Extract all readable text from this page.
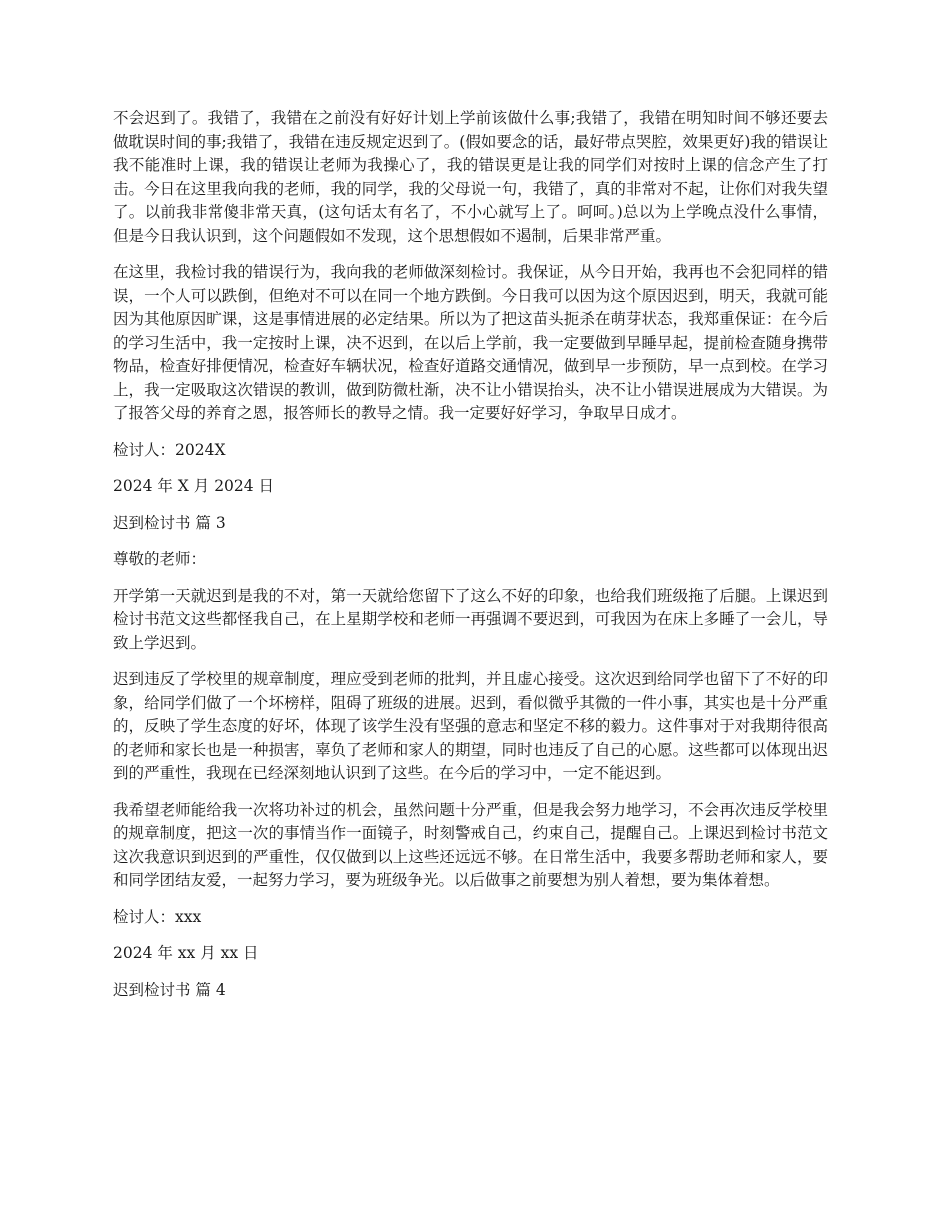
不会迟到了。我错了，我错在之前没有好好计划上学前该做什么事;我错了，我错在明知时间不够还要去做耽误时间的事;我错了，我错在违反规定迟到了。(假如要念的话，最好带点哭腔，效果更好)我的错误让我不能准时上课，我的错误让老师为我操心了，我的错误更是让我的同学们对按时上课的信念产生了打击。今日在这里我向我的老师，我的同学，我的父母说一句，我错了，真的非常对不起，让你们对我失望了。以前我非常傻非常天真，(这句话太有名了，不小心就写上了。呵呵。)总以为上学晚点没什么事情，但是今日我认识到，这个问题假如不发现，这个思想假如不遏制，后果非常严重。

在这里，我检讨我的错误行为，我向我的老师做深刻检讨。我保证，从今日开始，我再也不会犯同样的错误，一个人可以跌倒，但绝对不可以在同一个地方跌倒。今日我可以因为这个原因迟到，明天，我就可能因为其他原因旷课，这是事情进展的必定结果。所以为了把这苗头扼杀在萌芽状态，我郑重保证：在今后的学习生活中，我一定按时上课，决不迟到，在以后上学前，我一定要做到早睡早起，提前检查随身携带物品，检查好排便情况，检查好车辆状况，检查好道路交通情况，做到早一步预防，早一点到校。在学习上，我一定吸取这次错误的教训，做到防微杜渐，决不让小错误抬头，决不让小错误进展成为大错误。为了报答父母的养育之恩，报答师长的教导之情。我一定要好好学习，争取早日成才。

检讨人：2024X

2024 年 X 月 2024 日

迟到检讨书 篇 3

尊敬的老师：

开学第一天就迟到是我的不对，第一天就给您留下了这么不好的印象，也给我们班级拖了后腿。上课迟到检讨书范文这些都怪我自己，在上星期学校和老师一再强调不要迟到，可我因为在床上多睡了一会儿，导致上学迟到。

迟到违反了学校里的规章制度，理应受到老师的批判，并且虚心接受。这次迟到给同学也留下了不好的印象，给同学们做了一个坏榜样，阻碍了班级的进展。迟到，看似微乎其微的一件小事，其实也是十分严重的，反映了学生态度的好坏，体现了该学生没有坚强的意志和坚定不移的毅力。这件事对于对我期待很高的老师和家长也是一种损害，辜负了老师和家人的期望，同时也违反了自己的心愿。这些都可以体现出迟到的严重性，我现在已经深刻地认识到了这些。在今后的学习中，一定不能迟到。

我希望老师能给我一次将功补过的机会，虽然问题十分严重，但是我会努力地学习，不会再次违反学校里的规章制度，把这一次的事情当作一面镜子，时刻警戒自己，约束自己，提醒自己。上课迟到检讨书范文这次我意识到迟到的严重性，仅仅做到以上这些还远远不够。在日常生活中，我要多帮助老师和家人，要和同学团结友爱，一起努力学习，要为班级争光。以后做事之前要想为别人着想，要为集体着想。

检讨人：xxx

2024 年 xx 月 xx 日

迟到检讨书 篇 4
